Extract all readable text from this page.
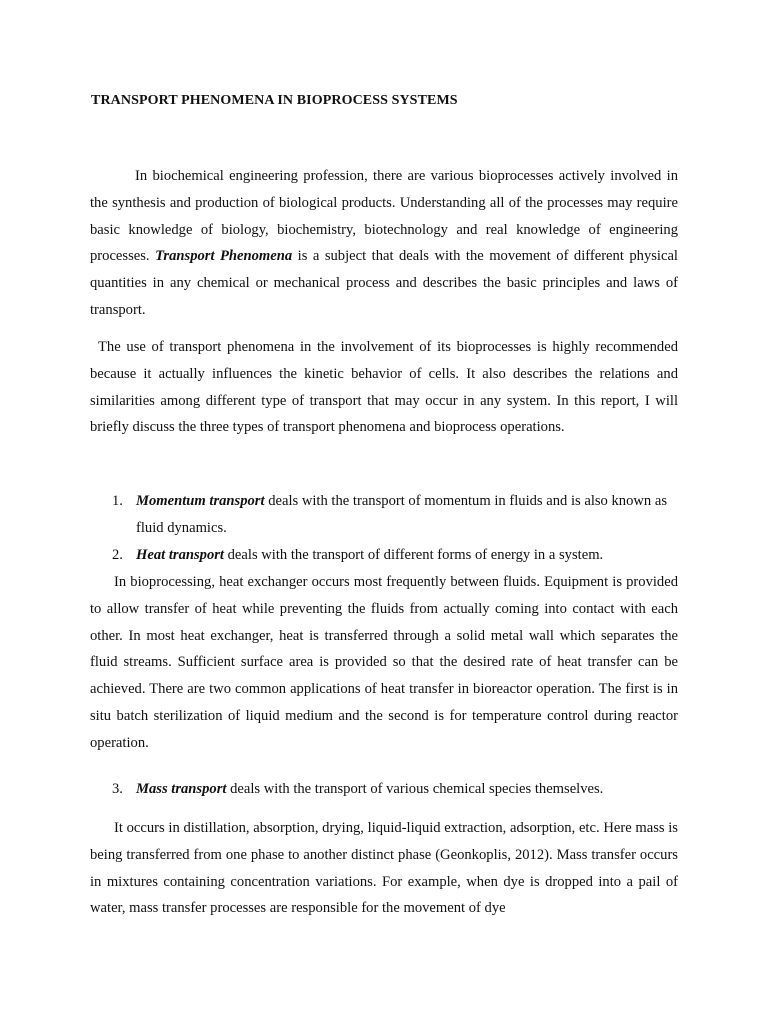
TRANSPORT PHENOMENA IN BIOPROCESS SYSTEMS

In biochemical engineering profession, there are various bioprocesses actively involved in the synthesis and production of biological products. Understanding all of the processes may require basic knowledge of biology, biochemistry, biotechnology and real knowledge of engineering processes. Transport Phenomena is a subject that deals with the movement of different physical quantities in any chemical or mechanical process and describes the basic principles and laws of transport.

The use of transport phenomena in the involvement of its bioprocesses is highly recommended because it actually influences the kinetic behavior of cells. It also describes the relations and similarities among different type of transport that may occur in any system. In this report, I will briefly discuss the three types of transport phenomena and bioprocess operations.

1. Momentum transport deals with the transport of momentum in fluids and is also known as fluid dynamics.
2. Heat transport deals with the transport of different forms of energy in a system.

In bioprocessing, heat exchanger occurs most frequently between fluids. Equipment is provided to allow transfer of heat while preventing the fluids from actually coming into contact with each other. In most heat exchanger, heat is transferred through a solid metal wall which separates the fluid streams. Sufficient surface area is provided so that the desired rate of heat transfer can be achieved. There are two common applications of heat transfer in bioreactor operation. The first is in situ batch sterilization of liquid medium and the second is for temperature control during reactor operation.

3. Mass transport deals with the transport of various chemical species themselves.

It occurs in distillation, absorption, drying, liquid-liquid extraction, adsorption, etc. Here mass is being transferred from one phase to another distinct phase (Geonkoplis, 2012). Mass transfer occurs in mixtures containing concentration variations. For example, when dye is dropped into a pail of water, mass transfer processes are responsible for the movement of dye
